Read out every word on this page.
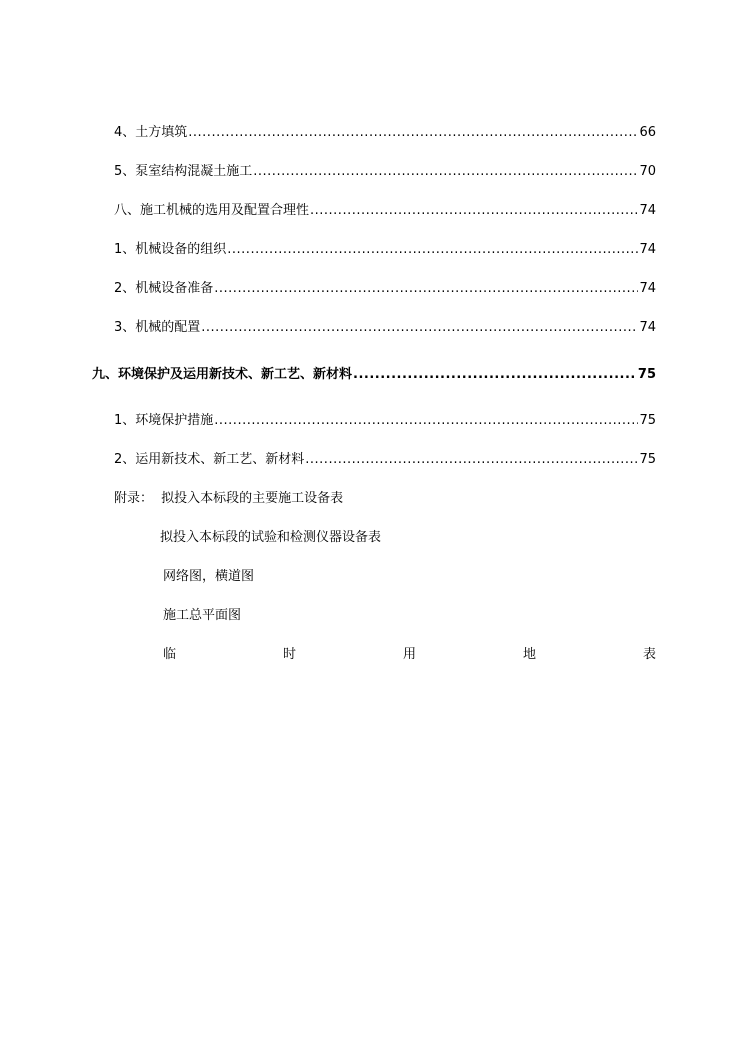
4、土方填筑 .....	66
5、泵室结构混凝土施工 .....	70
八、施工机械的选用及配置合理性 .....	74
1、机械设备的组织 .....	74
2、机械设备准备 .....	74
3、机械的配置 .....	74
九、环境保护及运用新技术、新工艺、新材料 .....	75
1、环境保护措施 .....	75
2、运用新技术、新工艺、新材料 .....	75
附录： 拟投入本标段的主要施工设备表
拟投入本标段的试验和检测仪器设备表
网络图，横道图
施工总平面图
临	时	用	地	表
